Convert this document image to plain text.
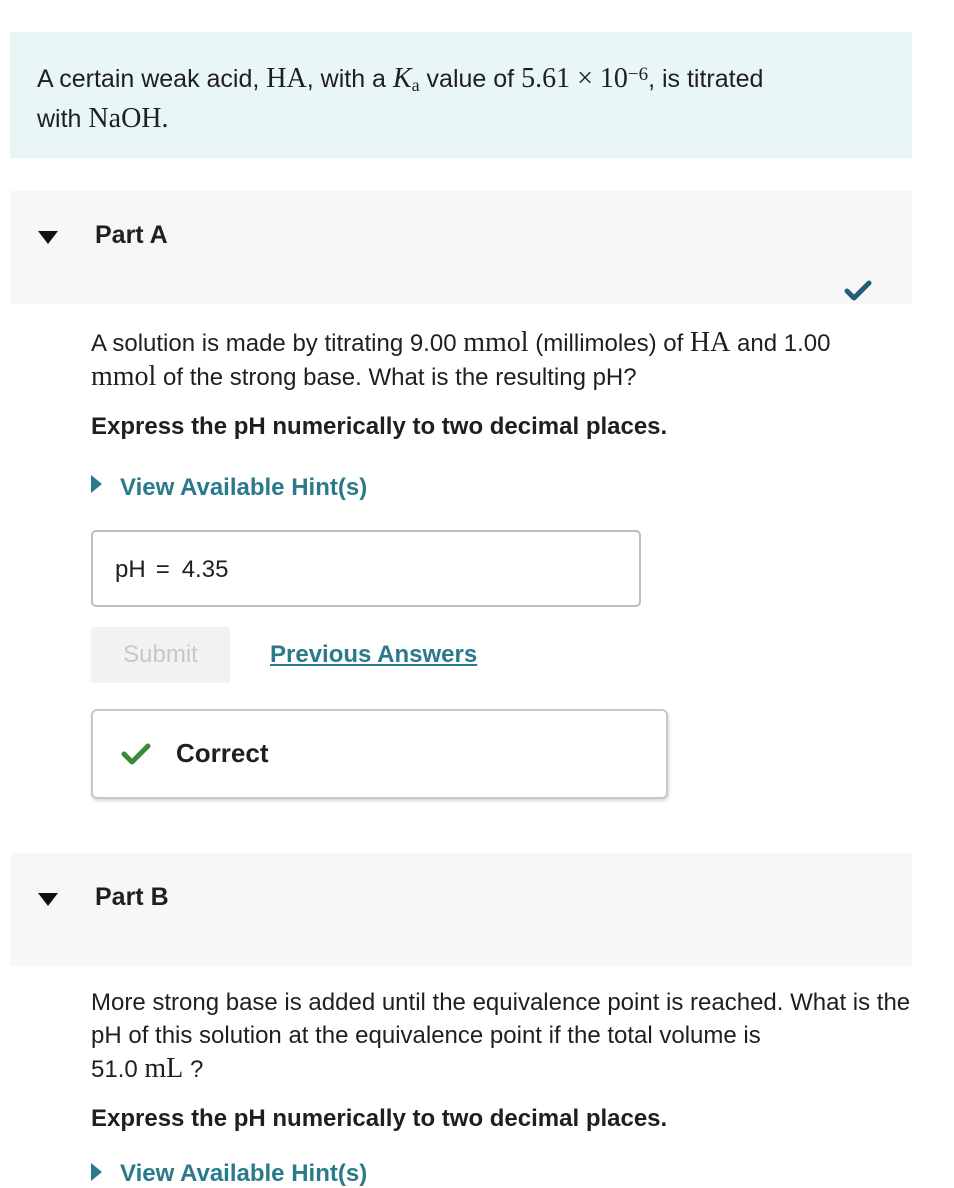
A certain weak acid, HA, with a $K_a$ value of $5.61 \times 10^{-6}$, is titrated
with NaOH.
Part A
A solution is made by titrating 9.00 mmol (millimoles) of HA and 1.00
mmol of the strong base. What is the resulting pH?
Express the pH numerically to two decimal places.
View Available Hint(s)
pH = 4.35
Submit	Previous Answers
Correct
Part B
More strong base is added until the equivalence point is reached. What is the pH of this solution at the equivalence point if the total volume is
51.0 mL ?
Express the pH numerically to two decimal places.
View Available Hint(s)
